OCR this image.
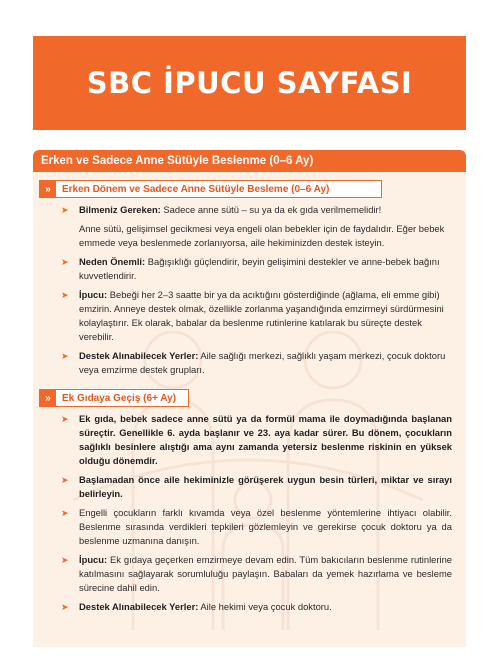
SBC İPUCU SAYFASI
Erken ve Sadece Anne Sütüyle Beslenme (0–6 Ay)
»	Erken Dönem ve Sadece Anne Sütüyle Besleme (0–6 Ay)
➤ Bilmeniz Gereken: Sadece anne sütü – su ya da ek gıda verilmemelidir!
Anne sütü, gelişimsel gecikmesi veya engeli olan bebekler için de faydalıdır. Eğer bebek emmede veya beslenmede zorlanıyorsa, aile hekiminizden destek isteyin.
➤ Neden Önemli: Bağışıklığı güçlendirir, beyin gelişimini destekler ve anne-bebek bağını kuvvetlendirir.
➤ İpucu: Bebeği her 2–3 saatte bir ya da acıktığını gösterdiğinde (ağlama, eli emme gibi) emzirin. Anneye destek olmak, özellikle zorlanma yaşandığında emzirmeyi sürdürmesini kolaylaştırır. Ek olarak, babalar da beslenme rutinlerine katılarak bu süreçte destek verebilir.
➤ Destek Alınabilecek Yerler: Aile sağlığı merkezi, sağlıklı yaşam merkezi, çocuk doktoru veya emzirme destek grupları.
»	Ek Gıdaya Geçiş (6+ Ay)
➤ Ek gıda, bebek sadece anne sütü ya da formül mama ile doymadığında başlanan süreçtir. Genellikle 6. ayda başlanır ve 23. aya kadar sürer. Bu dönem, çocukların sağlıklı besinlere alıştığı ama aynı zamanda yetersiz beslenme riskinin en yüksek olduğu dönemdir.
➤ Başlamadan önce aile hekiminizle görüşerek uygun besin türleri, miktar ve sırayı belirleyin.
➤ Engelli çocukların farklı kıvamda veya özel beslenme yöntemlerine ihtiyacı olabilir. Beslenme sırasında verdikleri tepkileri gözlemleyin ve gerekirse çocuk doktoru ya da beslenme uzmanına danışın.
➤ İpucu: Ek gıdaya geçerken emzirmeye devam edin. Tüm bakıcıların beslenme rutinlerine katılmasını sağlayarak sorumluluğu paylaşın. Babaları da yemek hazırlama ve besleme sürecine dahil edin.
➤ Destek Alınabilecek Yerler: Aile hekimi veya çocuk doktoru.
